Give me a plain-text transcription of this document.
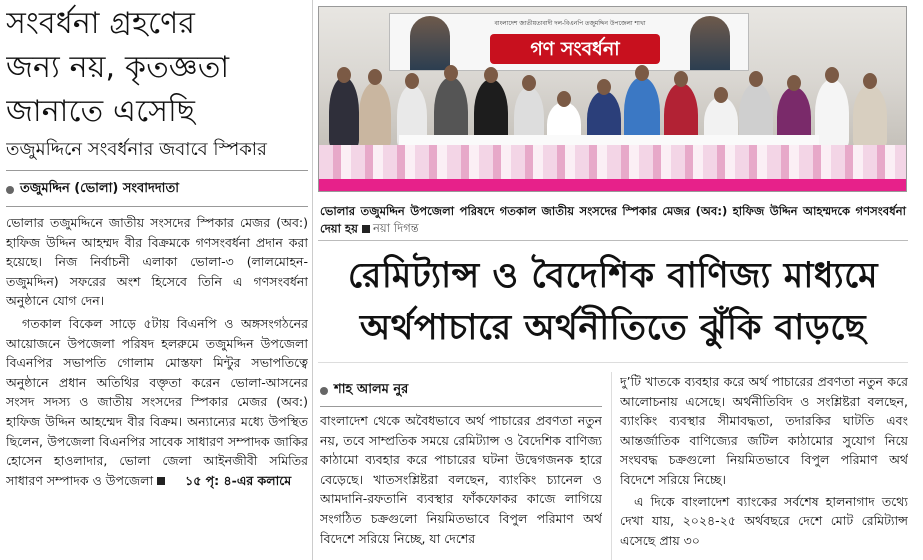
সংবর্ধনা গ্রহণের
জন্য নয়, কৃতজ্ঞতা
জানাতে এসেছি
তজুমদ্দিনে সংবর্ধনার জবাবে স্পিকার
তজুমদ্দিন (ভোলা) সংবাদদাতা

ভোলার তজুমদ্দিনে জাতীয় সংসদের স্পিকার মেজর (অব:) হাফিজ উদ্দিন আহম্মদ বীর বিক্রমকে গণসংবর্ধনা প্রদান করা হয়েছে। নিজ নির্বাচনী এলাকা ভোলা-৩ (লালমোহন-তজুমদ্দিন) সফরের অংশ হিসেবে তিনি এ গণসংবর্ধনা অনুষ্ঠানে যোগ দেন।

গতকাল বিকেল সাড়ে ৫টায় বিএনপি ও অঙ্গসংগঠনের আয়োজনে উপজেলা পরিষদ হলরুমে তজুমদ্দিন উপজেলা বিএনপির সভাপতি গোলাম মোস্তফা মিন্টুর সভাপতিত্বে অনুষ্ঠানে প্রধান অতিথির বক্তৃতা করেন ভোলা-আসনের সংসদ সদস্য ও জাতীয় সংসদের স্পিকার মেজর (অব:) হাফিজ উদ্দিন আহম্মেদ বীর বিক্রম। অন্যান্যের মধ্যে উপস্থিত ছিলেন, উপজেলা বিএনপির সাবেক সাধারণ সম্পাদক জাকির হোসেন হাওলাদার, ভোলা জেলা আইনজীবী সমিতির সাধারণ সম্পাদক ও উপজেলা	১৫ পৃ: ৪-এর কলামে

বাংলাদেশ জাতীয়তাবাদী দল-বিএনপি তজুমদ্দিন উপজেলা শাখা
গণ সংবর্ধনা
ভোলার তজুমদ্দিন উপজেলা পরিষদে গতকাল জাতীয় সংসদের স্পিকার মেজর (অব:) হাফিজ উদ্দিন আহম্মদকে গণসংবর্ধনা দেয়া হয় নয়া দিগন্ত
রেমিট্যান্স ও বৈদেশিক বাণিজ্য মাধ্যমে
অর্থপাচারে অর্থনীতিতে ঝুঁকি বাড়ছে
শাহ আলম নুর

বাংলাদেশ থেকে অবৈধভাবে অর্থ পাচারের প্রবণতা নতুন নয়, তবে সাম্প্রতিক সময়ে রেমিট্যান্স ও বৈদেশিক বাণিজ্য কাঠামো ব্যবহার করে পাচারের ঘটনা উদ্বেগজনক হারে বেড়েছে। খাতসংশ্লিষ্টরা বলছেন, ব্যাংকিং চ্যানেল ও আমদানি-রফতানি ব্যবস্থার ফাঁকফোকর কাজে লাগিয়ে সংগঠিত চক্রগুলো নিয়মিতভাবে বিপুল পরিমাণ অর্থ বিদেশে সরিয়ে নিচ্ছে, যা দেশের

দু’টি খাতকে ব্যবহার করে অর্থ পাচারের প্রবণতা নতুন করে আলোচনায় এসেছে। অর্থনীতিবিদ ও সংশ্লিষ্টরা বলছেন, ব্যাংকিং ব্যবস্থার সীমাবদ্ধতা, তদারকির ঘাটতি এবং আন্তর্জাতিক বাণিজ্যের জটিল কাঠামোর সুযোগ নিয়ে সংঘবদ্ধ চক্রগুলো নিয়মিতভাবে বিপুল পরিমাণ অর্থ বিদেশে সরিয়ে নিচ্ছে।

এ দিকে বাংলাদেশ ব্যাংকের সর্বশেষ হালনাগাদ তথ্যে দেখা যায়, ২০২৪-২৫ অর্থবছরে দেশে মোট রেমিট্যান্স এসেছে প্রায় ৩০
